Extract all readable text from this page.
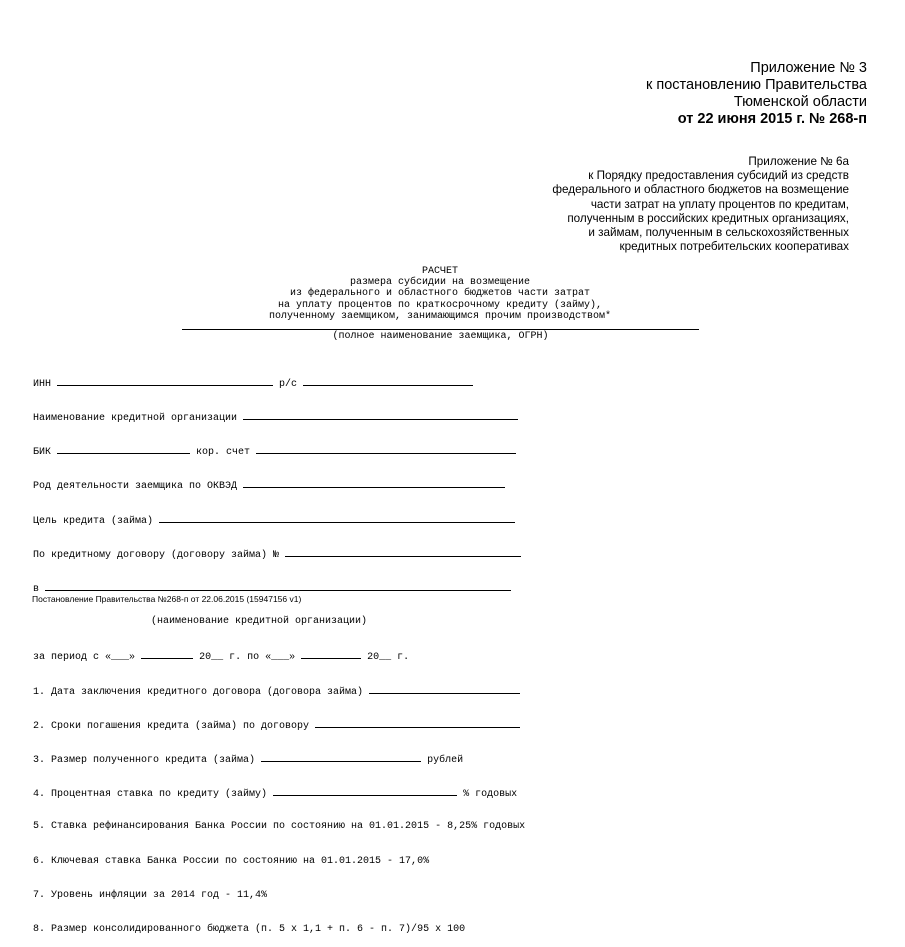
Приложение № 3
к постановлению Правительства
Тюменской области
от 22 июня 2015 г. № 268-п
Приложение № 6а
к Порядку предоставления субсидий из средств
федерального и областного бюджетов на возмещение
части затрат на уплату процентов по кредитам,
полученным в российских кредитных организациях,
и займам, полученным в сельскохозяйственных
кредитных потребительских кооперативах
РАСЧЕТ
размера субсидии на возмещение
из федерального и областного бюджетов части затрат
на уплату процентов по краткосрочному кредиту (займу),
полученному заемщиком, занимающимся прочим производством*
(полное наименование заемщика, ОГРН)

ИНН	р/с

Наименование кредитной организации

БИК	кор. счет

Род деятельности заемщика по ОКВЭД

Цель кредита (займа)

По кредитному договору (договору займа) №

в

(наименование кредитной организации)

за период с «___»	20__ г. по «___»	20__ г.

1. Дата заключения кредитного договора (договора займа)

2. Сроки погашения кредита (займа) по договору

3. Размер полученного кредита (займа)	рублей

4. Процентная ставка по кредиту (займу)	% годовых

5. Ставка рефинансирования Банка России по состоянию на 01.01.2015 - 8,25% годовых

6. Ключевая ставка Банка России по состоянию на 01.01.2015 - 17,0%

7. Уровень инфляции за 2014 год - 11,4%

8. Размер консолидированного бюджета (п. 5 х 1,1 + п. 6 - п. 7)/95 х 100

Постановление Правительства №268-п от 22.06.2015 (15947156 v1)
